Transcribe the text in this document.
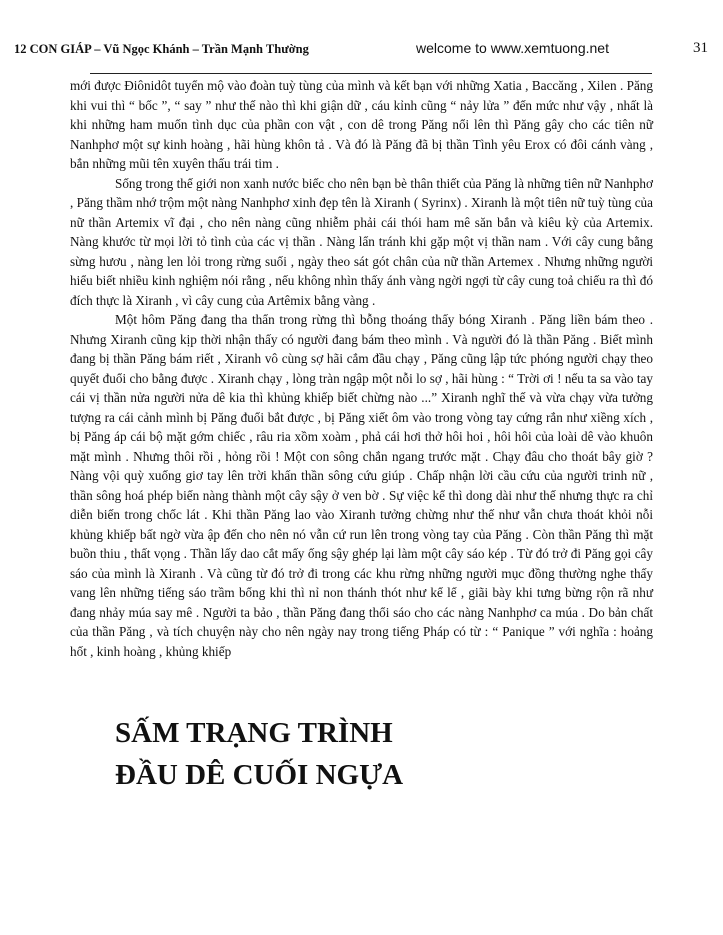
12 CON GIÁP – Vũ Ngọc Khánh – Trần Mạnh Thường	welcome to www.xemtuong.net	31

mới được Điônidôt tuyển mộ vào đoàn tuỳ tùng của mình và kết bạn với những Xatia , Baccăng , Xilen . Păng khi vui thì “ bốc ”, “ say ” như thế nào thì khi giận dữ , cáu kỉnh cũng “ nảy lửa ” đến mức như vậy , nhất là khi những ham muốn tình dục của phần con vật , con dê trong Păng nổi lên thì Păng gây cho các tiên nữ Nanhphơ một sự kinh hoàng , hãi hùng khôn tả . Và đó là Păng đã bị thần Tình yêu Erox có đôi cánh vàng , bắn những mũi tên xuyên thấu trái tim .

Sống trong thế giới non xanh nước biếc cho nên bạn bè thân thiết của Păng là những tiên nữ Nanhphơ , Păng thầm nhớ trộm một nàng Nanhphơ xinh đẹp tên là Xiranh ( Syrinx) . Xiranh là một tiên nữ tuỳ tùng của nữ thần Artemix vĩ đại , cho nên nàng cũng nhiễm phải cái thói ham mê săn bắn và kiêu kỳ của Artemix. Nàng khước từ mọi lời tỏ tình của các vị thần . Nàng lẩn tránh khi gặp một vị thần nam . Với cây cung bằng sừng hươu , nàng len lỏi trong rừng suối , ngày theo sát gót chân của nữ thần Artemex . Nhưng những người hiểu biết nhiều kinh nghiệm nói rằng , nếu không nhìn thấy ánh vàng ngời ngợi từ cây cung toả chiếu ra thì đó đích thực là Xiranh , vì cây cung của Artêmix bằng vàng .

Một hôm Păng đang tha thẩn trong rừng thì bỗng thoáng thấy bóng Xiranh . Păng liền bám theo . Nhưng Xiranh cũng kịp thời nhận thấy có người đang bám theo mình . Và người đó là thần Păng . Biết mình đang bị thần Păng bám riết , Xiranh vô cùng sợ hãi cắm đầu chạy , Păng cũng lập tức phóng người chạy theo quyết đuổi cho bằng được . Xiranh chạy , lòng tràn ngập một nỗi lo sợ , hãi hùng : “ Trời ơi ! nếu ta sa vào tay cái vị thần nửa người nửa dê kia thì khủng khiếp biết chừng nào ...” Xiranh nghĩ thế và vừa chạy vừa tưởng tượng ra cái cảnh mình bị Păng đuổi bắt được , bị Păng xiết ôm vào trong vòng tay cứng rắn như xiềng xích , bị Păng áp cái bộ mặt gớm chiếc , râu ria xồm xoàm , phả cái hơi thở hôi hoi , hôi hôi của loài dê vào khuôn mặt mình . Nhưng thôi rồi , hỏng rồi ! Một con sông chắn ngang trước mặt . Chạy đâu cho thoát bây giờ ? Nàng vội quỳ xuống giơ tay lên trời khấn thần sông cứu giúp . Chấp nhận lời cầu cứu của người trinh nữ , thần sông hoá phép biến nàng thành một cây sậy ở ven bờ . Sự việc kể thì dong dài như thế nhưng thực ra chỉ diễn biến trong chốc lát . Khi thần Păng lao vào Xiranh tưởng chừng như thế như vẫn chưa thoát khỏi nỗi khủng khiếp bất ngờ vừa ập đến cho nên nó vẫn cứ run lên trong vòng tay của Păng . Còn thần Păng thì mặt buồn thiu , thất vọng . Thần lấy dao cắt mấy ống sậy ghép lại làm một cây sáo kép . Từ đó trở đi Păng gọi cây sáo của mình là Xiranh . Và cũng từ đó trở đi trong các khu rừng những người mục đồng thường nghe thấy vang lên những tiếng sáo trầm bổng khi thì nỉ non thánh thót như kể lể , giãi bày khi tưng bừng rộn rã như đang nhảy múa say mê . Người ta bảo , thần Păng đang thổi sáo cho các nàng Nanhphơ ca múa . Do bản chất của thần Păng , và tích chuyện này cho nên ngày nay trong tiếng Pháp có từ : “ Panique ” với nghĩa : hoảng hốt , kinh hoàng , khủng khiếp

SẤM TRẠNG TRÌNH
ĐẦU DÊ CUỐI NGỰA
